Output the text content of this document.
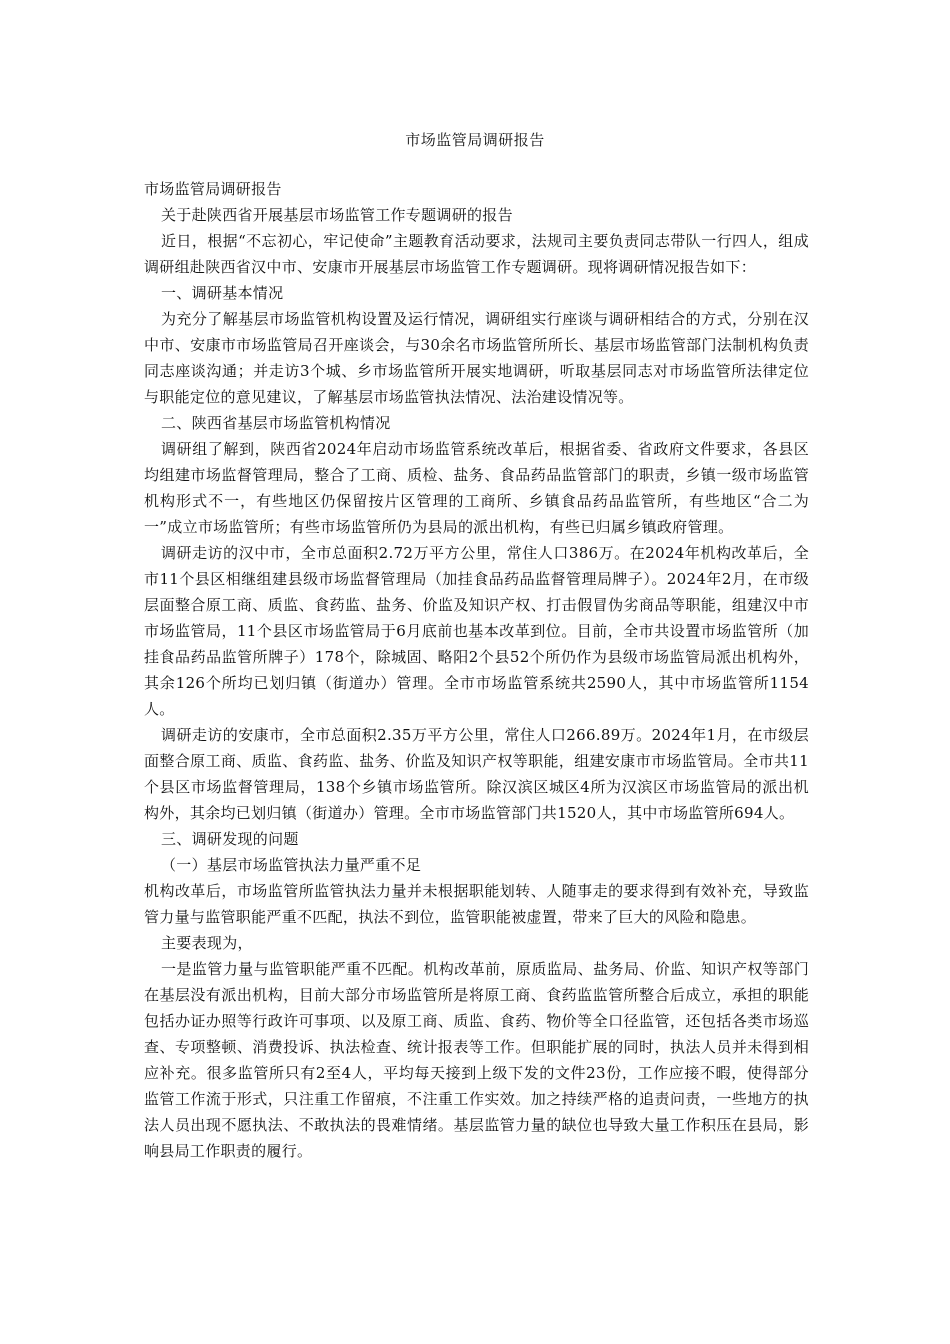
市场监管局调研报告

市场监管局调研报告

关于赴陕西省开展基层市场监管工作专题调研的报告

近日，根据“不忘初心，牢记使命”主题教育活动要求，法规司主要负责同志带队一行四人，组成调研组赴陕西省汉中市、安康市开展基层市场监管工作专题调研。现将调研情况报告如下：

一、调研基本情况

为充分了解基层市场监管机构设置及运行情况，调研组实行座谈与调研相结合的方式，分别在汉中市、安康市市场监管局召开座谈会，与30余名市场监管所所长、基层市场监管部门法制机构负责同志座谈沟通；并走访3个城、乡市场监管所开展实地调研，听取基层同志对市场监管所法律定位与职能定位的意见建议，了解基层市场监管执法情况、法治建设情况等。

二、陕西省基层市场监管机构情况

调研组了解到，陕西省2024年启动市场监管系统改革后，根据省委、省政府文件要求，各县区均组建市场监督管理局，整合了工商、质检、盐务、食品药品监管部门的职责，乡镇一级市场监管机构形式不一，有些地区仍保留按片区管理的工商所、乡镇食品药品监管所，有些地区“合二为一”成立市场监管所；有些市场监管所仍为县局的派出机构，有些已归属乡镇政府管理。

调研走访的汉中市，全市总面积2.72万平方公里，常住人口386万。在2024年机构改革后，全市11个县区相继组建县级市场监督管理局（加挂食品药品监督管理局牌子）。2024年2月，在市级层面整合原工商、质监、食药监、盐务、价监及知识产权、打击假冒伪劣商品等职能，组建汉中市市场监管局，11个县区市场监管局于6月底前也基本改革到位。目前，全市共设置市场监管所（加挂食品药品监管所牌子）178个，除城固、略阳2个县52个所仍作为县级市场监管局派出机构外，其余126个所均已划归镇（街道办）管理。全市市场监管系统共2590人，其中市场监管所1154人。

调研走访的安康市，全市总面积2.35万平方公里，常住人口266.89万。2024年1月，在市级层面整合原工商、质监、食药监、盐务、价监及知识产权等职能，组建安康市市场监管局。全市共11个县区市场监督管理局，138个乡镇市场监管所。除汉滨区城区4所为汉滨区市场监管局的派出机构外，其余均已划归镇（街道办）管理。全市市场监管部门共1520人，其中市场监管所694人。

三、调研发现的问题

（一）基层市场监管执法力量严重不足

机构改革后，市场监管所监管执法力量并未根据职能划转、人随事走的要求得到有效补充，导致监管力量与监管职能严重不匹配，执法不到位，监管职能被虚置，带来了巨大的风险和隐患。

主要表现为，

一是监管力量与监管职能严重不匹配。机构改革前，原质监局、盐务局、价监、知识产权等部门在基层没有派出机构，目前大部分市场监管所是将原工商、食药监监管所整合后成立，承担的职能包括办证办照等行政许可事项、以及原工商、质监、食药、物价等全口径监管，还包括各类市场巡查、专项整顿、消费投诉、执法检查、统计报表等工作。但职能扩展的同时，执法人员并未得到相应补充。很多监管所只有2至4人，平均每天接到上级下发的文件23份，工作应接不暇，使得部分监管工作流于形式，只注重工作留痕，不注重工作实效。加之持续严格的追责问责，一些地方的执法人员出现不愿执法、不敢执法的畏难情绪。基层监管力量的缺位也导致大量工作积压在县局，影响县局工作职责的履行。
